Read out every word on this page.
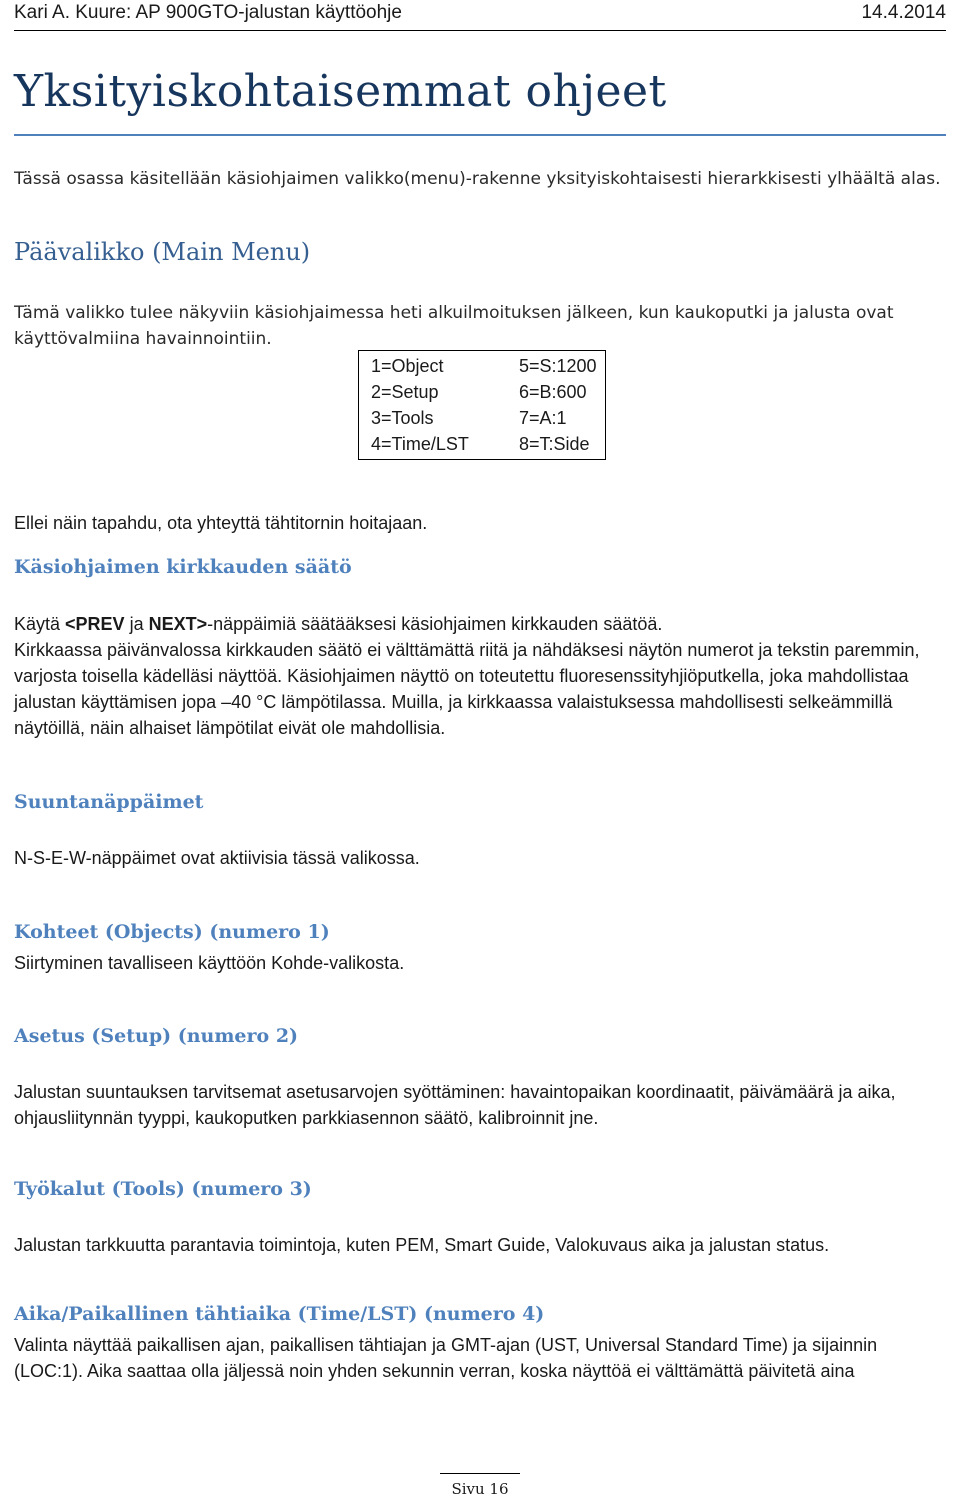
Kari A. Kuure: AP 900GTO-jalustan käyttöohje	14.4.2014
Yksityiskohtaisemmat ohjeet
Tässä osassa käsitellään käsiohjaimen valikko(menu)-rakenne yksityiskohtaisesti hierarkkisesti ylhäältä alas.
Päävalikko (Main Menu)
Tämä valikko tulee näkyviin käsiohjaimessa heti alkuilmoituksen jälkeen, kun kaukoputki ja jalusta ovat käyttövalmiina havainnointiin.
1=Object
2=Setup
3=Tools
4=Time/LST
5=S:1200
6=B:600
7=A:1
8=T:Side
Ellei näin tapahdu, ota yhteyttä tähtitornin hoitajaan.
Käsiohjaimen kirkkauden säätö
Käytä <PREV ja NEXT>-näppäimiä säätääksesi käsiohjaimen kirkkauden säätöä.
Kirkkaassa päivänvalossa kirkkauden säätö ei välttämättä riitä ja nähdäksesi näytön numerot ja tekstin paremmin, varjosta toisella kädelläsi näyttöä. Käsiohjaimen näyttö on toteutettu fluoresenssityhjiöputkella, joka mahdollistaa jalustan käyttämisen jopa –40 °C lämpötilassa. Muilla, ja kirkkaassa valaistuksessa mahdollisesti selkeämmillä näytöillä, näin alhaiset lämpötilat eivät ole mahdollisia.
Suuntanäppäimet
N-S-E-W-näppäimet ovat aktiivisia tässä valikossa.
Kohteet (Objects) (numero 1)
Siirtyminen tavalliseen käyttöön Kohde-valikosta.
Asetus (Setup) (numero 2)
Jalustan suuntauksen tarvitsemat asetusarvojen syöttäminen: havaintopaikan koordinaatit, päivämäärä ja aika, ohjausliitynnän tyyppi, kaukoputken parkkiasennon säätö, kalibroinnit jne.
Työkalut (Tools) (numero 3)
Jalustan tarkkuutta parantavia toimintoja, kuten PEM, Smart Guide, Valokuvaus aika ja jalustan status.
Aika/Paikallinen tähtiaika (Time/LST) (numero 4)
Valinta näyttää paikallisen ajan, paikallisen tähtiajan ja GMT-ajan (UST, Universal Standard Time) ja sijainnin (LOC:1). Aika saattaa olla jäljessä noin yhden sekunnin verran, koska näyttöä ei välttämättä päivitetä aina
Sivu 16
